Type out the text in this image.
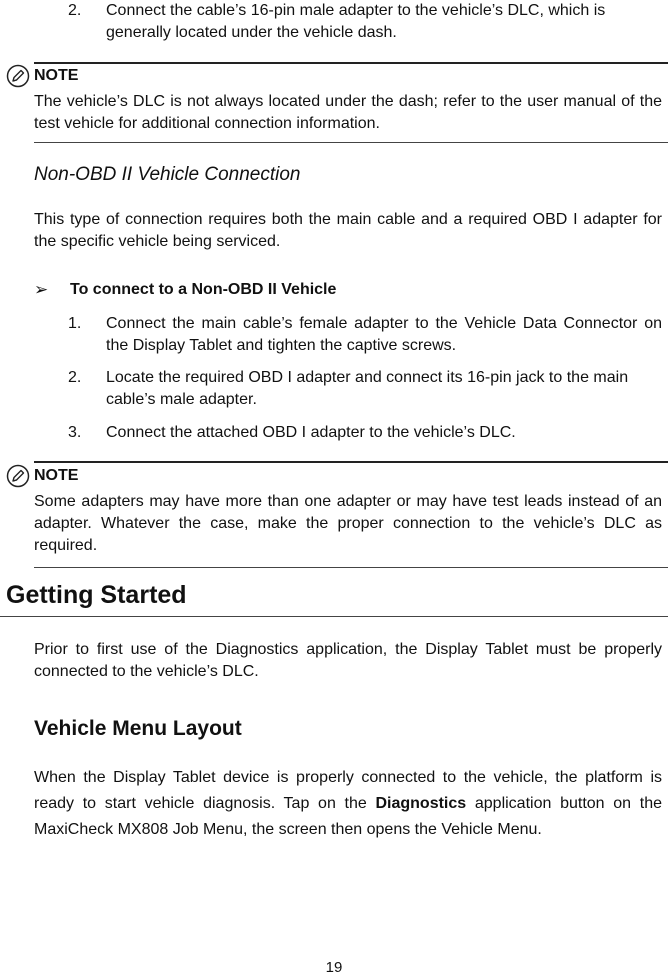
2.	Connect the cable’s 16-pin male adapter to the vehicle’s DLC, which is generally located under the vehicle dash.
NOTE
The vehicle’s DLC is not always located under the dash; refer to the user manual of the test vehicle for additional connection information.
Non-OBD II Vehicle Connection
This type of connection requires both the main cable and a required OBD I adapter for the specific vehicle being serviced.
➢	To connect to a Non-OBD II Vehicle
1.	Connect the main cable’s female adapter to the Vehicle Data Connector on the Display Tablet and tighten the captive screws.
2.	Locate the required OBD I adapter and connect its 16-pin jack to the main cable’s male adapter.
3.	Connect the attached OBD I adapter to the vehicle’s DLC.
NOTE
Some adapters may have more than one adapter or may have test leads instead of an adapter. Whatever the case, make the proper connection to the vehicle’s DLC as required.
Getting Started
Prior to first use of the Diagnostics application, the Display Tablet must be properly connected to the vehicle’s DLC.
Vehicle Menu Layout
When the Display Tablet device is properly connected to the vehicle, the platform is ready to start vehicle diagnosis. Tap on the Diagnostics application button on the MaxiCheck MX808 Job Menu, the screen then opens the Vehicle Menu.
19
